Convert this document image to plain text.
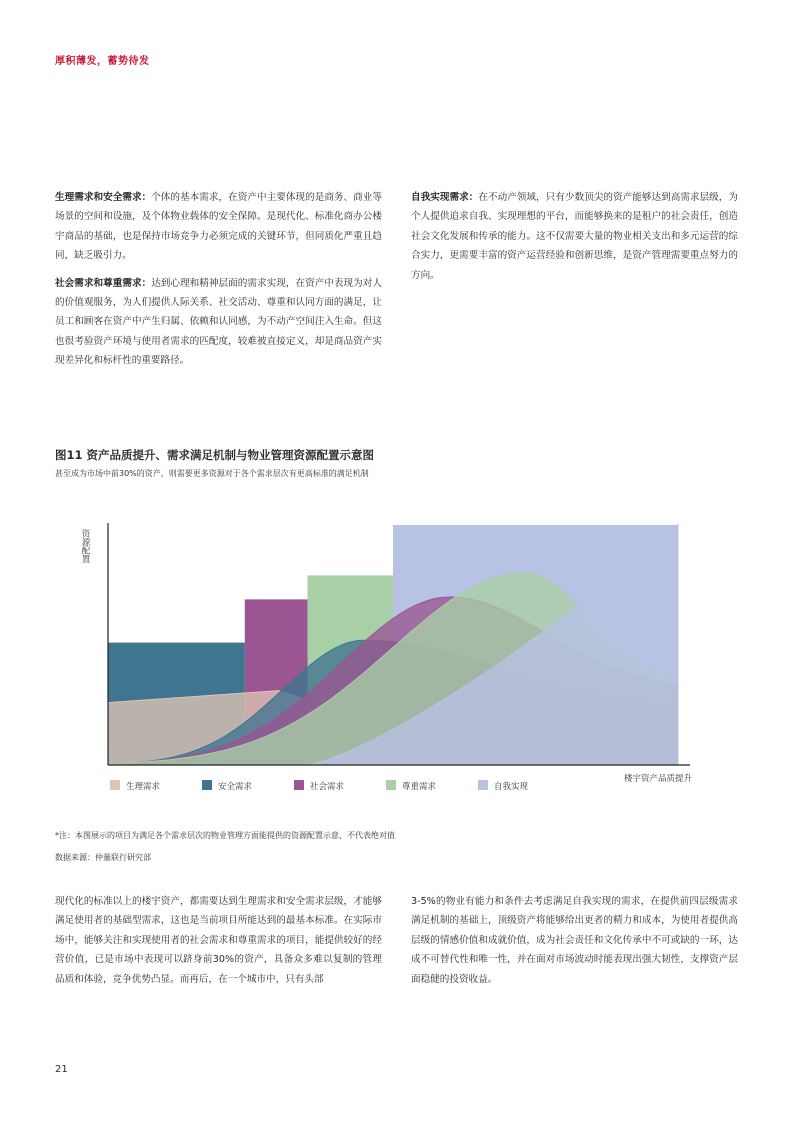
厚积薄发，蓄势待发

生理需求和安全需求：个体的基本需求，在资产中主要体现的是商务、商业等场景的空间和设施，及个体物业载体的安全保障。是现代化、标准化商办公楼宇商品的基础，也是保持市场竞争力必须完成的关键环节，但同质化严重且趋同，缺乏吸引力。

社会需求和尊重需求：达到心理和精神层面的需求实现，在资产中表现为对人的价值观服务，为人们提供人际关系、社交活动、尊重和认同方面的满足，让员工和顾客在资产中产生归属、依赖和认同感，为不动产空间注入生命。但这也很考验资产环境与使用者需求的匹配度，较难被直接定义，却是商品资产实现差异化和标杆性的重要路径。

自我实现需求：在不动产领域，只有少数顶尖的资产能够达到高需求层级，为个人提供追求自我、实现理想的平台，而能够换来的是租户的社会责任，创造社会文化发展和传承的能力。这不仅需要大量的物业相关支出和多元运营的综合实力，更需要丰富的资产运营经验和创新思维，是资产管理需要重点努力的方向。

图11 资产品质提升、需求满足机制与物业管理资源配置示意图
甚至成为市场中前30%的资产，则需要更多资源对于各个需求层次有更高标准的满足机制
资源配置
楼宇资产品质提升
生理需求	安全需求	社会需求	尊重需求	自我实现
*注：本图展示的项目为满足各个需求层次的物业管理方面能提供的资源配置示意，不代表绝对值
数据来源：仲量联行研究部
现代化的标准以上的楼宇资产，都需要达到生理需求和安全需求层级，才能够满足使用者的基础型需求，这也是当前项目所能达到的最基本标准。在实际市场中，能够关注和实现使用者的社会需求和尊重需求的项目，能提供较好的经营价值，已是市场中表现可以跻身前30%的资产，具备众多难以复制的管理品质和体验，竞争优势凸显。而再后，在一个城市中，只有头部
3-5%的物业有能力和条件去考虑满足自我实现的需求，在提供前四层级需求满足机制的基础上，顶级资产将能够给出更者的精力和成本，为使用者提供高层级的情感价值和成就价值，成为社会责任和文化传承中不可或缺的一环，达成不可替代性和唯一性，并在面对市场波动时能表现出强大韧性，支撑资产层面稳健的投资收益。
21
